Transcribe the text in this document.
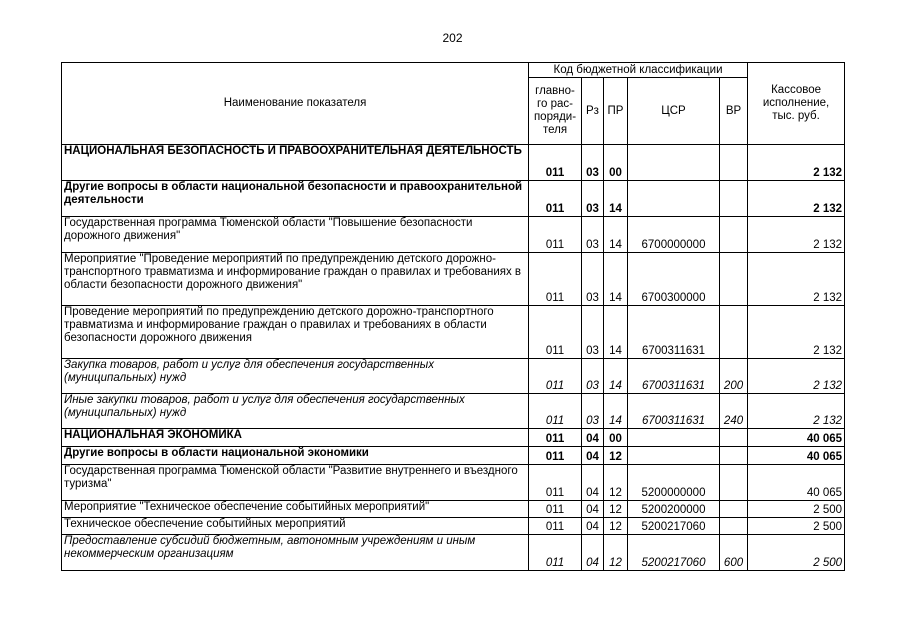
202
Наименование показателя	Код бюджетной классификации					Кассовое исполнение, тыс. руб.
	главно-
го рас-
поряди-
теля	Рз	ПР	ЦСР	ВР	
НАЦИОНАЛЬНАЯ БЕЗОПАСНОСТЬ И ПРАВООХРАНИТЕЛЬНАЯ ДЕЯТЕЛЬНОСТЬ	011	03	00			2 132
Другие вопросы в области национальной безопасности и правоохранительной деятельности	011	03	14			2 132
Государственная программа Тюменской области "Повышение безопасности дорожного движения"	011	03	14	6700000000		2 132
Мероприятие "Проведение мероприятий по предупреждению детского дорожно-транспортного травматизма и информирование граждан о правилах и требованиях в области безопасности дорожного движения"	011	03	14	6700300000		2 132
Проведение мероприятий по предупреждению детского дорожно-транспортного травматизма и информирование граждан о правилах и требованиях в области безопасности дорожного движения	011	03	14	6700311631		2 132
Закупка товаров, работ и услуг для обеспечения государственных (муниципальных) нужд	011	03	14	6700311631	200	2 132
Иные закупки товаров, работ и услуг для обеспечения государственных (муниципальных) нужд	011	03	14	6700311631	240	2 132
НАЦИОНАЛЬНАЯ ЭКОНОМИКА	011	04	00			40 065
Другие вопросы в области национальной экономики	011	04	12			40 065
Государственная программа Тюменской области "Развитие внутреннего и въездного туризма"	011	04	12	5200000000		40 065
Мероприятие "Техническое обеспечение событийных мероприятий"	011	04	12	5200200000		2 500
Техническое обеспечение событийных мероприятий	011	04	12	5200217060		2 500
Предоставление субсидий бюджетным, автономным учреждениям и иным некоммерческим организациям	011	04	12	5200217060	600	2 500
